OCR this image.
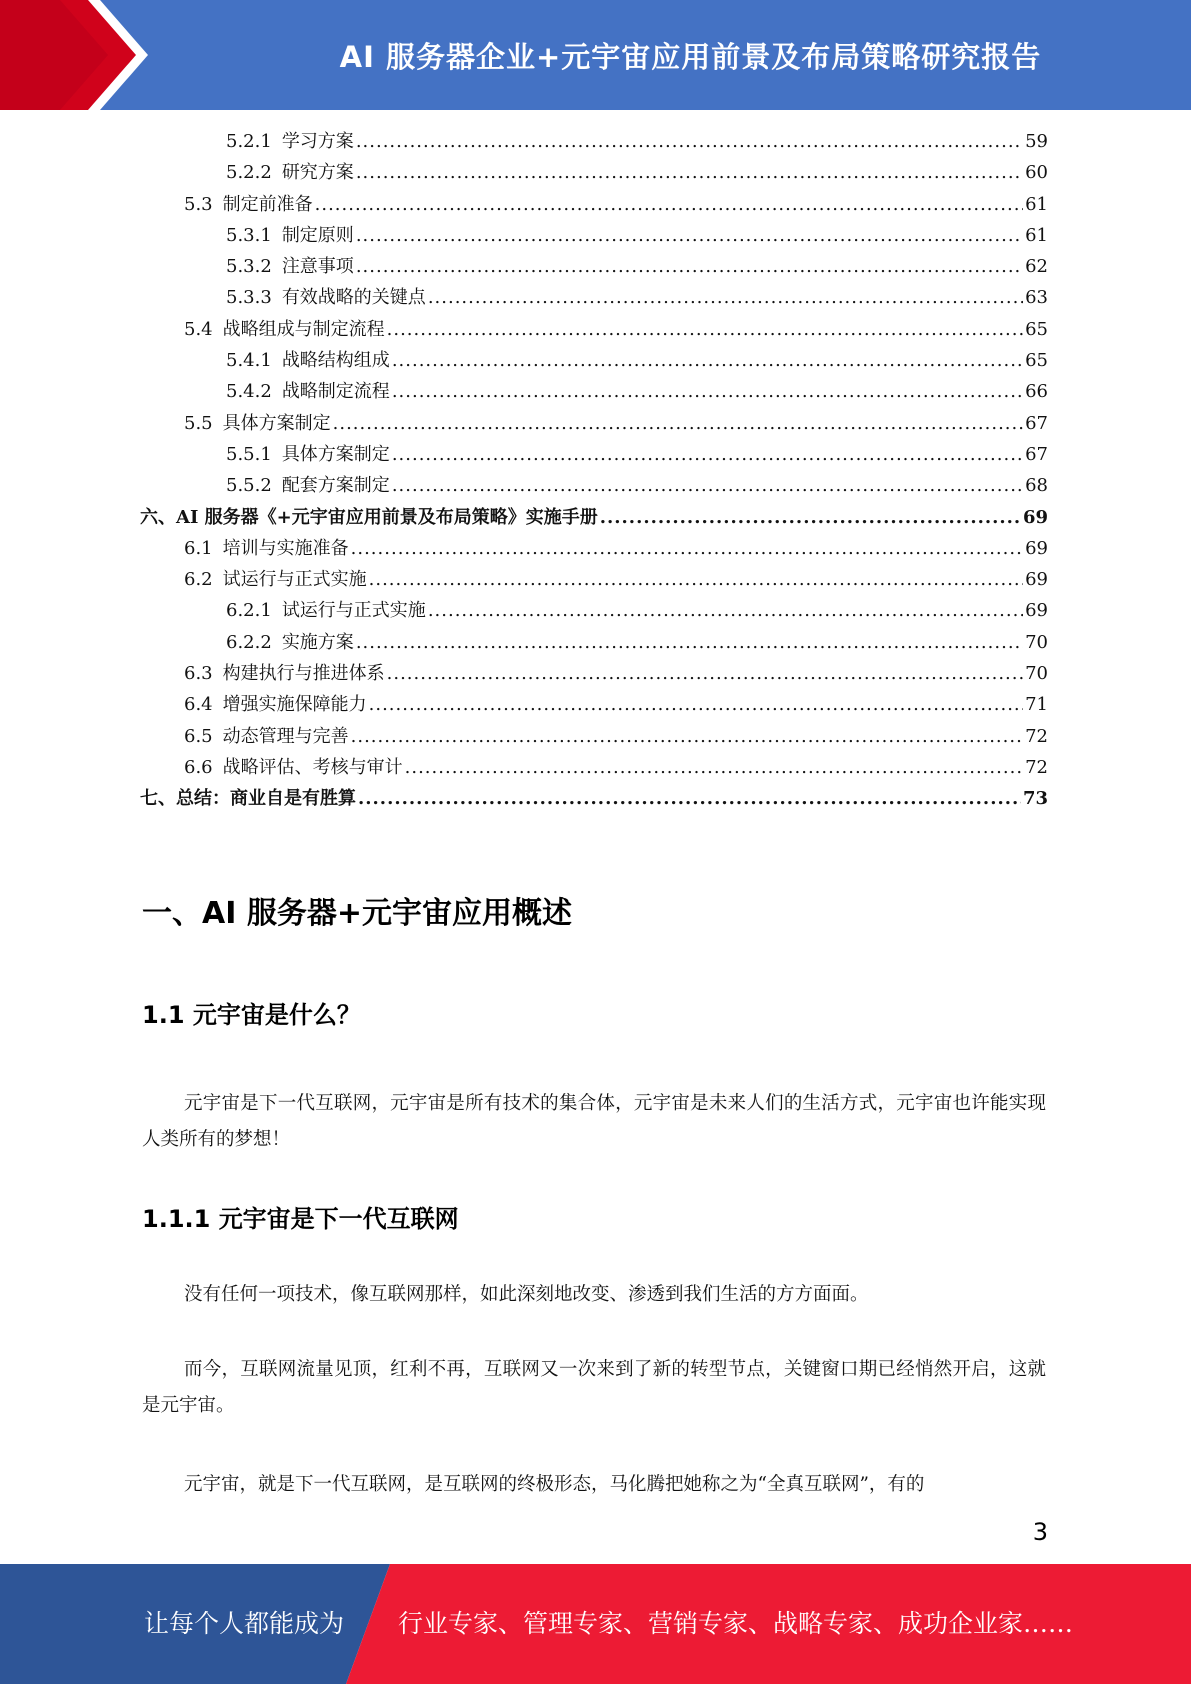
AI 服务器企业+元宇宙应用前景及布局策略研究报告
5.2.1 学习方案 .....	59
5.2.2 研究方案 .....	60
5.3 制定前准备 .....	61
5.3.1 制定原则 .....	61
5.3.2 注意事项 .....	62
5.3.3 有效战略的关键点 .....	63
5.4 战略组成与制定流程 .....	65
5.4.1 战略结构组成 .....	65
5.4.2 战略制定流程 .....	66
5.5 具体方案制定 .....	67
5.5.1 具体方案制定 .....	67
5.5.2 配套方案制定 .....	68
六、 AI 服务器《+元宇宙应用前景及布局策略》实施手册 .....	69
6.1 培训与实施准备 .....	69
6.2 试运行与正式实施 .....	69
6.2.1 试运行与正式实施 .....	69
6.2.2 实施方案 .....	70
6.3 构建执行与推进体系 .....	70
6.4 增强实施保障能力 .....	71
6.5 动态管理与完善 .....	72
6.6 战略评估、考核与审计 .....	72
七、 总结：商业自是有胜算 .....	73
一、AI 服务器+元宇宙应用概述
1.1 元宇宙是什么？

元宇宙是下一代互联网，元宇宙是所有技术的集合体，元宇宙是未来人们的生活方式，元宇宙也许能实现人类所有的梦想！

1.1.1 元宇宙是下一代互联网

没有任何一项技术，像互联网那样，如此深刻地改变、渗透到我们生活的方方面面。

而今，互联网流量见顶，红利不再，互联网又一次来到了新的转型节点，关键窗口期已经悄然开启，这就是元宇宙。

元宇宙，就是下一代互联网，是互联网的终极形态，马化腾把她称之为“全真互联网”，有的

3
让每个人都能成为 行业专家、管理专家、营销专家、战略专家、成功企业家……
